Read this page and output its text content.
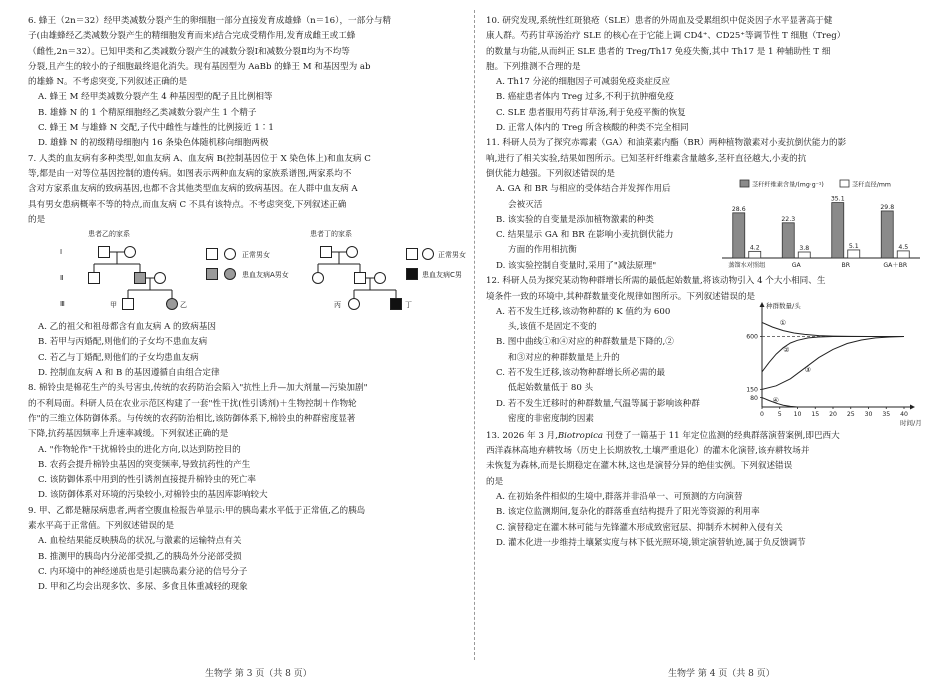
6. 蜂王（2n＝32）经甲类减数分裂产生的卵细胞一部分直接发育成雄蜂（n＝16），一部分与精

子(由雄蜂经乙类减数分裂产生的精细胞发育而来)结合完成受精作用,发育成雌王或工蜂

（雌性,2n＝32）。已知甲类和乙类减数分裂产生的减数分裂Ⅰ和减数分裂Ⅱ均为不均等

分裂,且产生的较小的子细胞最终退化消失。现有基因型为 AaBb 的蜂王 M 和基因型为 ab

的雄蜂 N。不考虑突变,下列叙述正确的是

A. 蜂王 M 经甲类减数分裂产生 4 种基因型的配子且比例相等

B. 雄蜂 N 的 1 个精原细胞经乙类减数分裂产生 1 个精子

C. 蜂王 M 与雄蜂 N 交配,子代中雌性与雄性的比例接近 1∶1

D. 雄蜂 N 的初级精母细胞内 16 条染色体随机移向细胞两极

7. 人类的血友病有多种类型,如血友病 A、血友病 B(控制基因位于 X 染色体上)和血友病 C

等,都是由一对等位基因控制的遗传病。如图表示两种血友病的家族系谱图,两家系均不

含对方家系血友病的致病基因,也都不含其他类型血友病的致病基因。在人群中血友病 A

具有男女患病概率不等的特点,而血友病 C 不具有该特点。不考虑突变,下列叙述正确

的是

患者乙的家系	患者丁的家系
Ⅰ
Ⅱ
Ⅲ	甲	乙
正常男女
患血友病A男女
丙	丁
正常男女
患血友病C男

A. 乙的祖父和祖母都含有血友病 A 的致病基因

B. 若甲与丙婚配,则他们的子女均不患血友病

C. 若乙与丁婚配,则他们的子女均患血友病

D. 控制血友病 A 和 B 的基因遵循自由组合定律

8. 棉铃虫是棉花生产的头号害虫,传统的农药防治会陷入"抗性上升—加大剂量—污染加剧"

的不利局面。科研人员在农业示范区构建了一套"性干扰(性引诱剂)＋生物控制＋作物轮

作"的三维立体防御体系。与传统的农药防治相比,该防御体系下,棉铃虫的种群密度显著

下降,抗药基因频率上升速率减缓。下列叙述正确的是

A. "作物轮作"干扰棉铃虫的进化方向,以达到防控目的

B. 农药会提升棉铃虫基因的突变频率,导致抗药性的产生

C. 该防御体系中用到的性引诱剂直接提升棉铃虫的死亡率

D. 该防御体系对环境的污染较小,对棉铃虫的基因库影响较大

9. 甲、乙都是糖尿病患者,两者空腹血检报告单显示:甲的胰岛素水平低于正常值,乙的胰岛

素水平高于正常值。下列叙述错误的是

A. 血检结果能反映胰岛的状况,与激素的运输特点有关

B. 推测甲的胰岛内分泌部受损,乙的胰岛外分泌部受损

C. 内环境中的神经递质也是引起胰岛素分泌的信号分子

D. 甲和乙均会出现多饮、多尿、多食且体重减轻的现象

生物学 第 3 页（共 8 页）

10. 研究发现,系统性红斑狼疮（SLE）患者的外周血及受累组织中促炎因子水平显著高于健

康人群。芍药甘草汤治疗 SLE 的核心在于它能上调 CD4⁺、CD25⁺等调节性 T 细胞（Treg）

的数量与功能,从而纠正 SLE 患者的 Treg/Th17 免疫失衡,其中 Th17 是 1 种辅助性 T 细

胞。下列推测不合理的是

A. Th17 分泌的细胞因子可减弱免疫炎症反应

B. 癌症患者体内 Treg 过多,不利于抗肿瘤免疫

C. SLE 患者服用芍药甘草汤,利于免疫平衡的恢复

D. 正常人体内的 Treg 所含核酸的种类不完全相同

11. 科研人员为了探究赤霉素（GA）和油菜素内酯（BR）两种植物激素对小麦抗倒伏能力的影

响,进行了相关实验,结果如图所示。已知茎秆纤维素含量越多,茎秆直径越大,小麦的抗

倒伏能力越强。下列叙述错误的是

A. GA 和 BR 与相应的受体结合并发挥作用后

会被灭活

B. 该实验的自变量是添加植物激素的种类

C. 结果显示 GA 和 BR 在影响小麦抗倒伏能力

方面的作用相抗衡

D. 该实验控制自变量时,采用了"减法原理"

茎秆纤维素含量/(mg·g⁻¹)	茎秆直径/mm
28.6
4.2
蒸馏水对照组
22.3
3.8
GA
35.1
5.1
BR
29.8
4.5
GA＋BR

12. 科研人员为探究某动物种群增长所需的最低起始数量,将该动物引入 4 个大小相同、生

境条件一致的环境中,其种群数量变化规律如图所示。下列叙述错误的是

A. 若不发生迁移,该动物种群的 K 值约为 600

头,该值不是固定不变的

B. 图中曲线①和④对应的种群数量是下降的,②

和③对应的种群数量是上升的

C. 若不发生迁移,该动物种群增长所必需的最

低起始数量低于 80 头

D. 若不发生迁移时的种群数量,气温等属于影响该种群

密度的非密度制约因素

种群数量/头
时间/月
0 5 10 15 20 25 30 35 40
80
150
600
①
②
③
④

13. 2026 年 3 月,Biotropica 刊登了一篇基于 11 年定位监测的经典群落演替案例,即巴西大

西洋森林高地弃耕牧场（历史上长期放牧,土壤严重退化）的灌木化演替,该弃耕牧场并

未恢复为森林,而是长期稳定在灌木林,这也是演替分异的绝佳实例。下列叙述错误

的是

A. 在初始条件相似的生境中,群落并非沿单一、可预测的方向演替

B. 该定位监测期间,复杂化的群落垂直结构提升了阳光等资源的利用率

C. 演替稳定在灌木林可能与先锋灌木形成致密冠层、抑制乔木树种入侵有关

D. 灌木化进一步维持土壤紧实度与林下低光照环境,锁定演替轨迹,属于负反馈调节

生物学 第 4 页（共 8 页）
